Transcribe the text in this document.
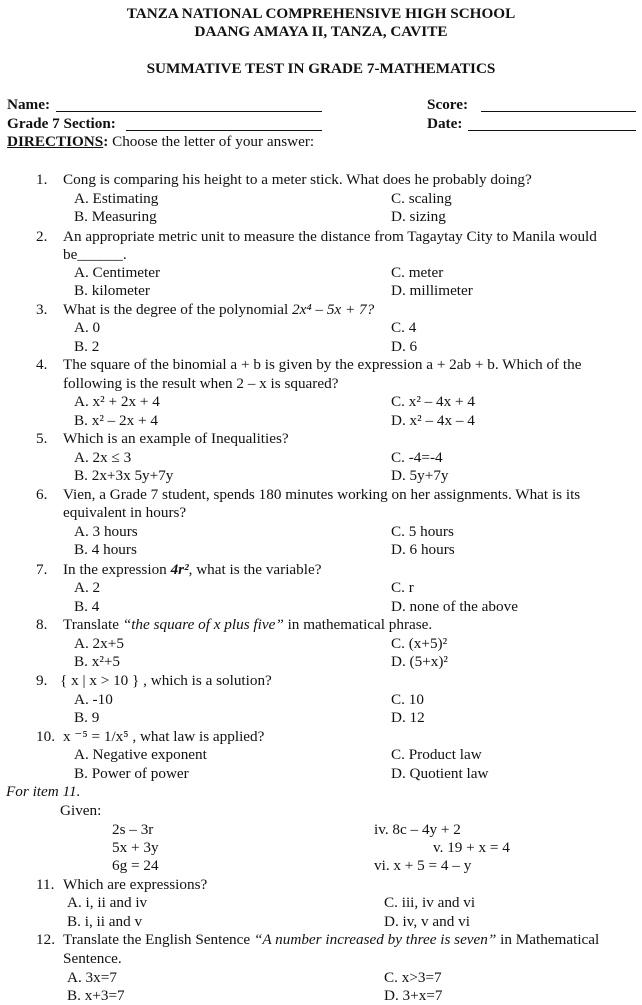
TANZA NATIONAL COMPREHENSIVE HIGH SCHOOL
DAANG AMAYA II, TANZA, CAVITE
SUMMATIVE TEST IN GRADE 7-MATHEMATICS
Name:
Grade 7 Section:
Score:
Date:
DIRECTIONS: Choose the letter of your answer:
1. Cong is comparing his height to a meter stick. What does he probably doing?
A. Estimating
B. Measuring
C. scaling
D. sizing
2. An appropriate metric unit to measure the distance from Tagaytay City to Manila would
be______.
A. Centimeter
B. kilometer
C. meter
D. millimeter
3. What is the degree of the polynomial 2x⁴ – 5x + 7?
A. 0
B. 2
C. 4
D. 6
4. The square of the binomial a + b is given by the expression a + 2ab + b. Which of the
following is the result when 2 – x is squared?
A. x² + 2x + 4
B. x² – 2x + 4
C. x² – 4x + 4
D. x² – 4x – 4
5. Which is an example of Inequalities?
A. 2x ≤ 3
B. 2x+3x 5y+7y
C. -4=-4
D. 5y+7y
6. Vien, a Grade 7 student, spends 180 minutes working on her assignments. What is its
equivalent in hours?
A. 3 hours
B. 4 hours
C. 5 hours
D. 6 hours
7. In the expression 4r², what is the variable?
A. 2
B. 4
C. r
D. none of the above
8. Translate “the square of x plus five” in mathematical phrase.
A. 2x+5
B. x²+5
C. (x+5)²
D. (5+x)²
9. { x | x > 10 } , which is a solution?
A. -10
B. 9
C. 10
D. 12
10. x ⁻⁵ = 1/x⁵ , what law is applied?
A. Negative exponent
B. Power of power
C. Product law
D. Quotient law
For item 11.
Given:
2s – 3r
5x + 3y
6g = 24
iv. 8c – 4y + 2
v. 19 + x = 4
vi. x + 5 = 4 – y
11. Which are expressions?
A. i, ii and iv
B. i, ii and v
C. iii, iv and vi
D. iv, v and vi
12. Translate the English Sentence “A number increased by three is seven” in Mathematical
Sentence.
A. 3x=7
B. x+3=7
C. x>3=7
D. 3+x=7
